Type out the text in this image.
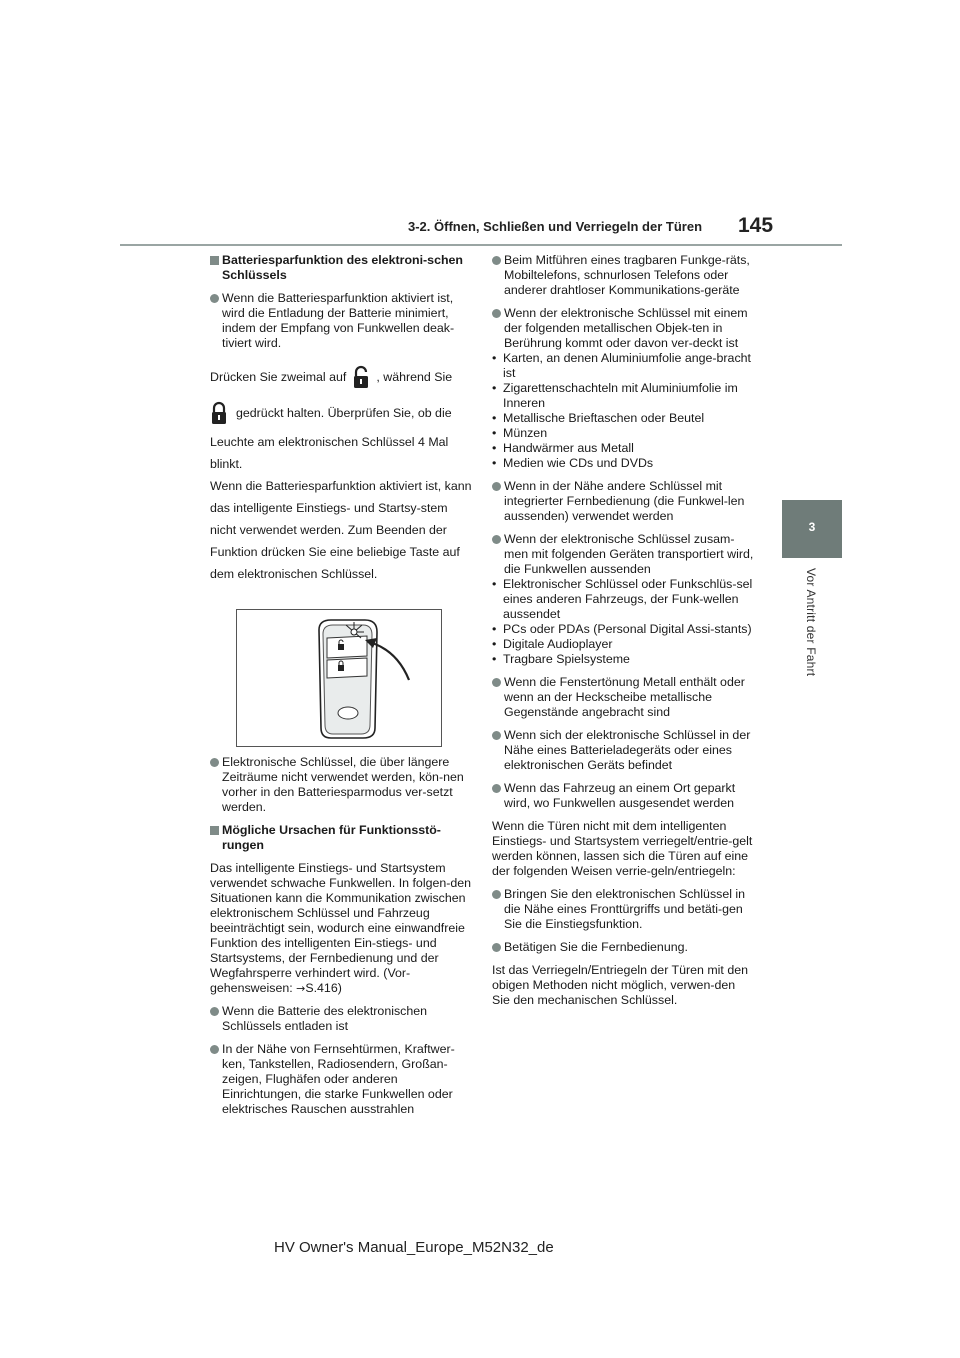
3-2. Öffnen, Schließen und Verriegeln der Türen 145
3
Vor Antritt der Fahrt
Batteriesparfunktion des elektroni-schen Schlüssels
Wenn die Batteriesparfunktion aktiviert ist, wird die Entladung der Batterie minimiert, indem der Empfang von Funkwellen deak-tiviert wird.
Drücken Sie zweimal auf , während Sie
gedrückt halten. Überprüfen Sie, ob die
Leuchte am elektronischen Schlüssel 4 Mal blinkt.
Wenn die Batteriesparfunktion aktiviert ist, kann das intelligente Einstiegs- und Startsy-stem nicht verwendet werden. Zum Beenden der Funktion drücken Sie eine beliebige Taste auf dem elektronischen Schlüssel.
Elektronische Schlüssel, die über längere Zeiträume nicht verwendet werden, kön-nen vorher in den Batteriesparmodus ver-setzt werden.
Mögliche Ursachen für Funktionsstö-rungen
Das intelligente Einstiegs- und Startsystem verwendet schwache Funkwellen. In folgen-den Situationen kann die Kommunikation zwischen elektronischem Schlüssel und Fahrzeug beeinträchtigt sein, wodurch eine einwandfreie Funktion des intelligenten Ein-stiegs- und Startsystems, der Fernbedienung und der Wegfahrsperre verhindert wird. (Vor-gehensweisen: →S.416)
Wenn die Batterie des elektronischen Schlüssels entladen ist
In der Nähe von Fernsehtürmen, Kraftwer-ken, Tankstellen, Radiosendern, Großan-zeigen, Flughäfen oder anderen Einrichtungen, die starke Funkwellen oder elektrisches Rauschen ausstrahlen
Beim Mitführen eines tragbaren Funkge-räts, Mobiltelefons, schnurlosen Telefons oder anderer drahtloser Kommunikations-geräte
Wenn der elektronische Schlüssel mit einem der folgenden metallischen Objek-ten in Berührung kommt oder davon ver-deckt ist
• Karten, an denen Aluminiumfolie ange-bracht ist
• Zigarettenschachteln mit Aluminiumfolie im Inneren
• Metallische Brieftaschen oder Beutel
• Münzen
• Handwärmer aus Metall
• Medien wie CDs und DVDs
Wenn in der Nähe andere Schlüssel mit integrierter Fernbedienung (die Funkwel-len aussenden) verwendet werden
Wenn der elektronische Schlüssel zusam-men mit folgenden Geräten transportiert wird, die Funkwellen aussenden
• Elektronischer Schlüssel oder Funkschlüs-sel eines anderen Fahrzeugs, der Funk-wellen aussendet
• PCs oder PDAs (Personal Digital Assi-stants)
• Digitale Audioplayer
• Tragbare Spielsysteme
Wenn die Fenstertönung Metall enthält oder wenn an der Heckscheibe metallische Gegenstände angebracht sind
Wenn sich der elektronische Schlüssel in der Nähe eines Batterieladegeräts oder eines elektronischen Geräts befindet
Wenn das Fahrzeug an einem Ort geparkt wird, wo Funkwellen ausgesendet werden
Wenn die Türen nicht mit dem intelligenten Einstiegs- und Startsystem verriegelt/entrie-gelt werden können, lassen sich die Türen auf eine der folgenden Weisen verrie-geln/entriegeln:
Bringen Sie den elektronischen Schlüssel in die Nähe eines Fronttürgriffs und betäti-gen Sie die Einstiegsfunktion.
Betätigen Sie die Fernbedienung.
Ist das Verriegeln/Entriegeln der Türen mit den obigen Methoden nicht möglich, verwen-den Sie den mechanischen Schlüssel.
HV Owner's Manual_Europe_M52N32_de
